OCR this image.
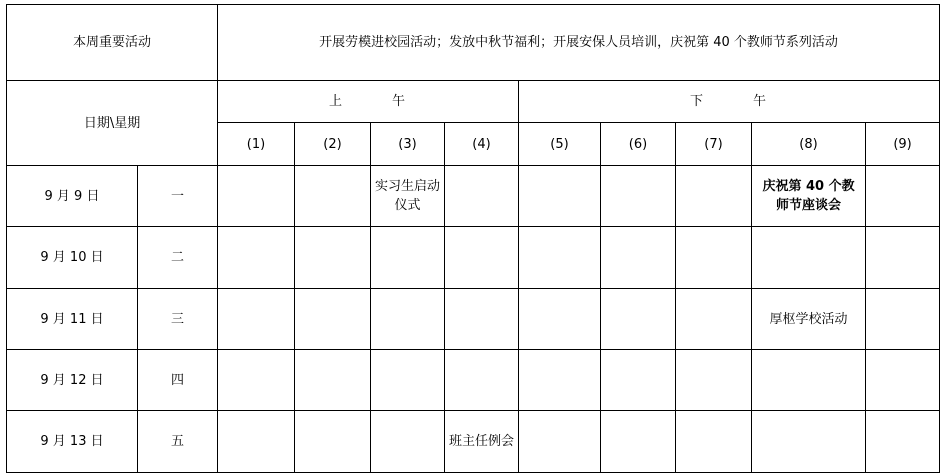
本周重要活动		开展劳模进校园活动；发放中秋节福利；开展安保人员培训，庆祝第 40 个教师节系列活动								
日期\星期		上 午				下 午				
		(1)	(2)	(3)	(4)	(5)	(6)	(7)	(8)	(9)
9 月 9 日	一			实习生启动仪式					庆祝第 40 个教师节座谈会	
9 月 10 日	二									
9 月 11 日	三								厚枢学校活动	
9 月 12 日	四									
9 月 13 日	五				班主任例会					
